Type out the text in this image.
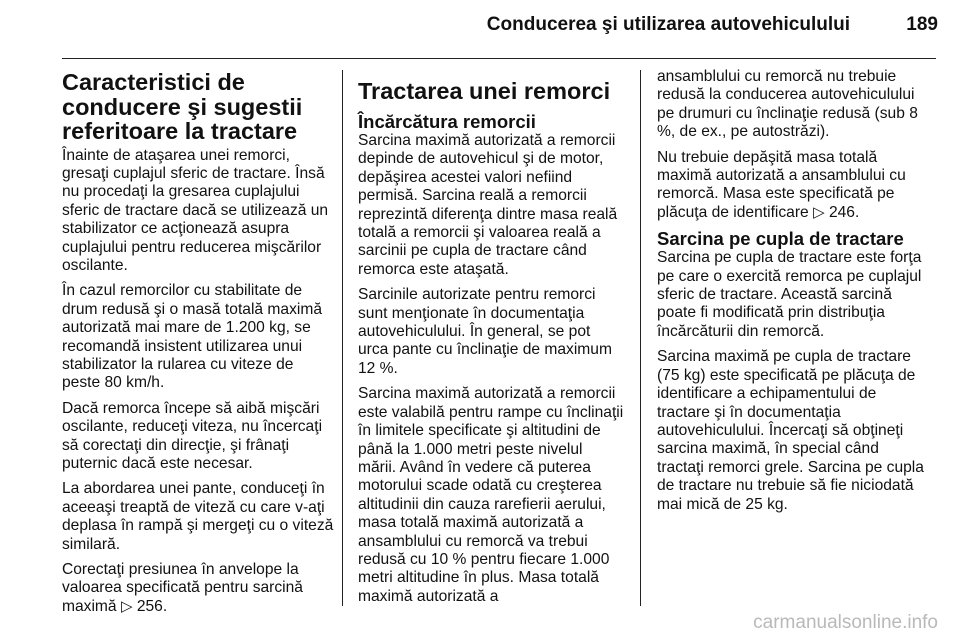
Conducerea şi utilizarea autovehiculului	189
Caracteristici de conducere şi sugestii referitoare la tractare

Înainte de ataşarea unei remorci, gresaţi cuplajul sferic de tractare. Însă nu procedaţi la gresarea cuplajului sferic de tractare dacă se utilizează un stabilizator ce acţionează asupra cuplajului pentru reducerea mişcărilor oscilante.

În cazul remorcilor cu stabilitate de drum redusă şi o masă totală maximă autorizată mai mare de 1.200 kg, se recomandă insistent utilizarea unui stabilizator la rularea cu viteze de peste 80 km/h.

Dacă remorca începe să aibă mişcări oscilante, reduceţi viteza, nu încercaţi să corectaţi din direcţie, şi frânaţi puternic dacă este necesar.

La abordarea unei pante, conduceţi în aceeaşi treaptă de viteză cu care v-aţi deplasa în rampă şi mergeţi cu o viteză similară.

Corectaţi presiunea în anvelope la valoarea specificată pentru sarcină maximă ▷ 256.

Tractarea unei remorci
Încărcătura remorcii

Sarcina maximă autorizată a remorcii depinde de autovehicul şi de motor, depăşirea acestei valori nefiind permisă. Sarcina reală a remorcii reprezintă diferenţa dintre masa reală totală a remorcii şi valoarea reală a sarcinii pe cupla de tractare când remorca este ataşată.

Sarcinile autorizate pentru remorci sunt menţionate în documentaţia autovehiculului. În general, se pot urca pante cu înclinaţie de maximum 12 %.

Sarcina maximă autorizată a remorcii este valabilă pentru rampe cu înclinaţii în limitele specificate şi altitudini de până la 1.000 metri peste nivelul mării. Având în vedere că puterea motorului scade odată cu creşterea altitudinii din cauza rarefierii aerului, masa totală maximă autorizată a ansamblului cu remorcă va trebui redusă cu 10 % pentru fiecare 1.000 metri altitudine în plus. Masa totală maximă autorizată a

ansamblului cu remorcă nu trebuie redusă la conducerea autovehiculului pe drumuri cu înclinaţie redusă (sub 8 %, de ex., pe autostrăzi).

Nu trebuie depăşită masa totală maximă autorizată a ansamblului cu remorcă. Masa este specificată pe plăcuţa de identificare ▷ 246.

Sarcina pe cupla de tractare

Sarcina pe cupla de tractare este forţa pe care o exercită remorca pe cuplajul sferic de tractare. Această sarcină poate fi modificată prin distribuţia încărcăturii din remorcă.

Sarcina maximă pe cupla de tractare (75 kg) este specificată pe plăcuţa de identificare a echipamentului de tractare şi în documentaţia autovehiculului. Încercaţi să obţineţi sarcina maximă, în special când tractaţi remorci grele. Sarcina pe cupla de tractare nu trebuie să fie niciodată mai mică de 25 kg.

carmanualsonline.info
